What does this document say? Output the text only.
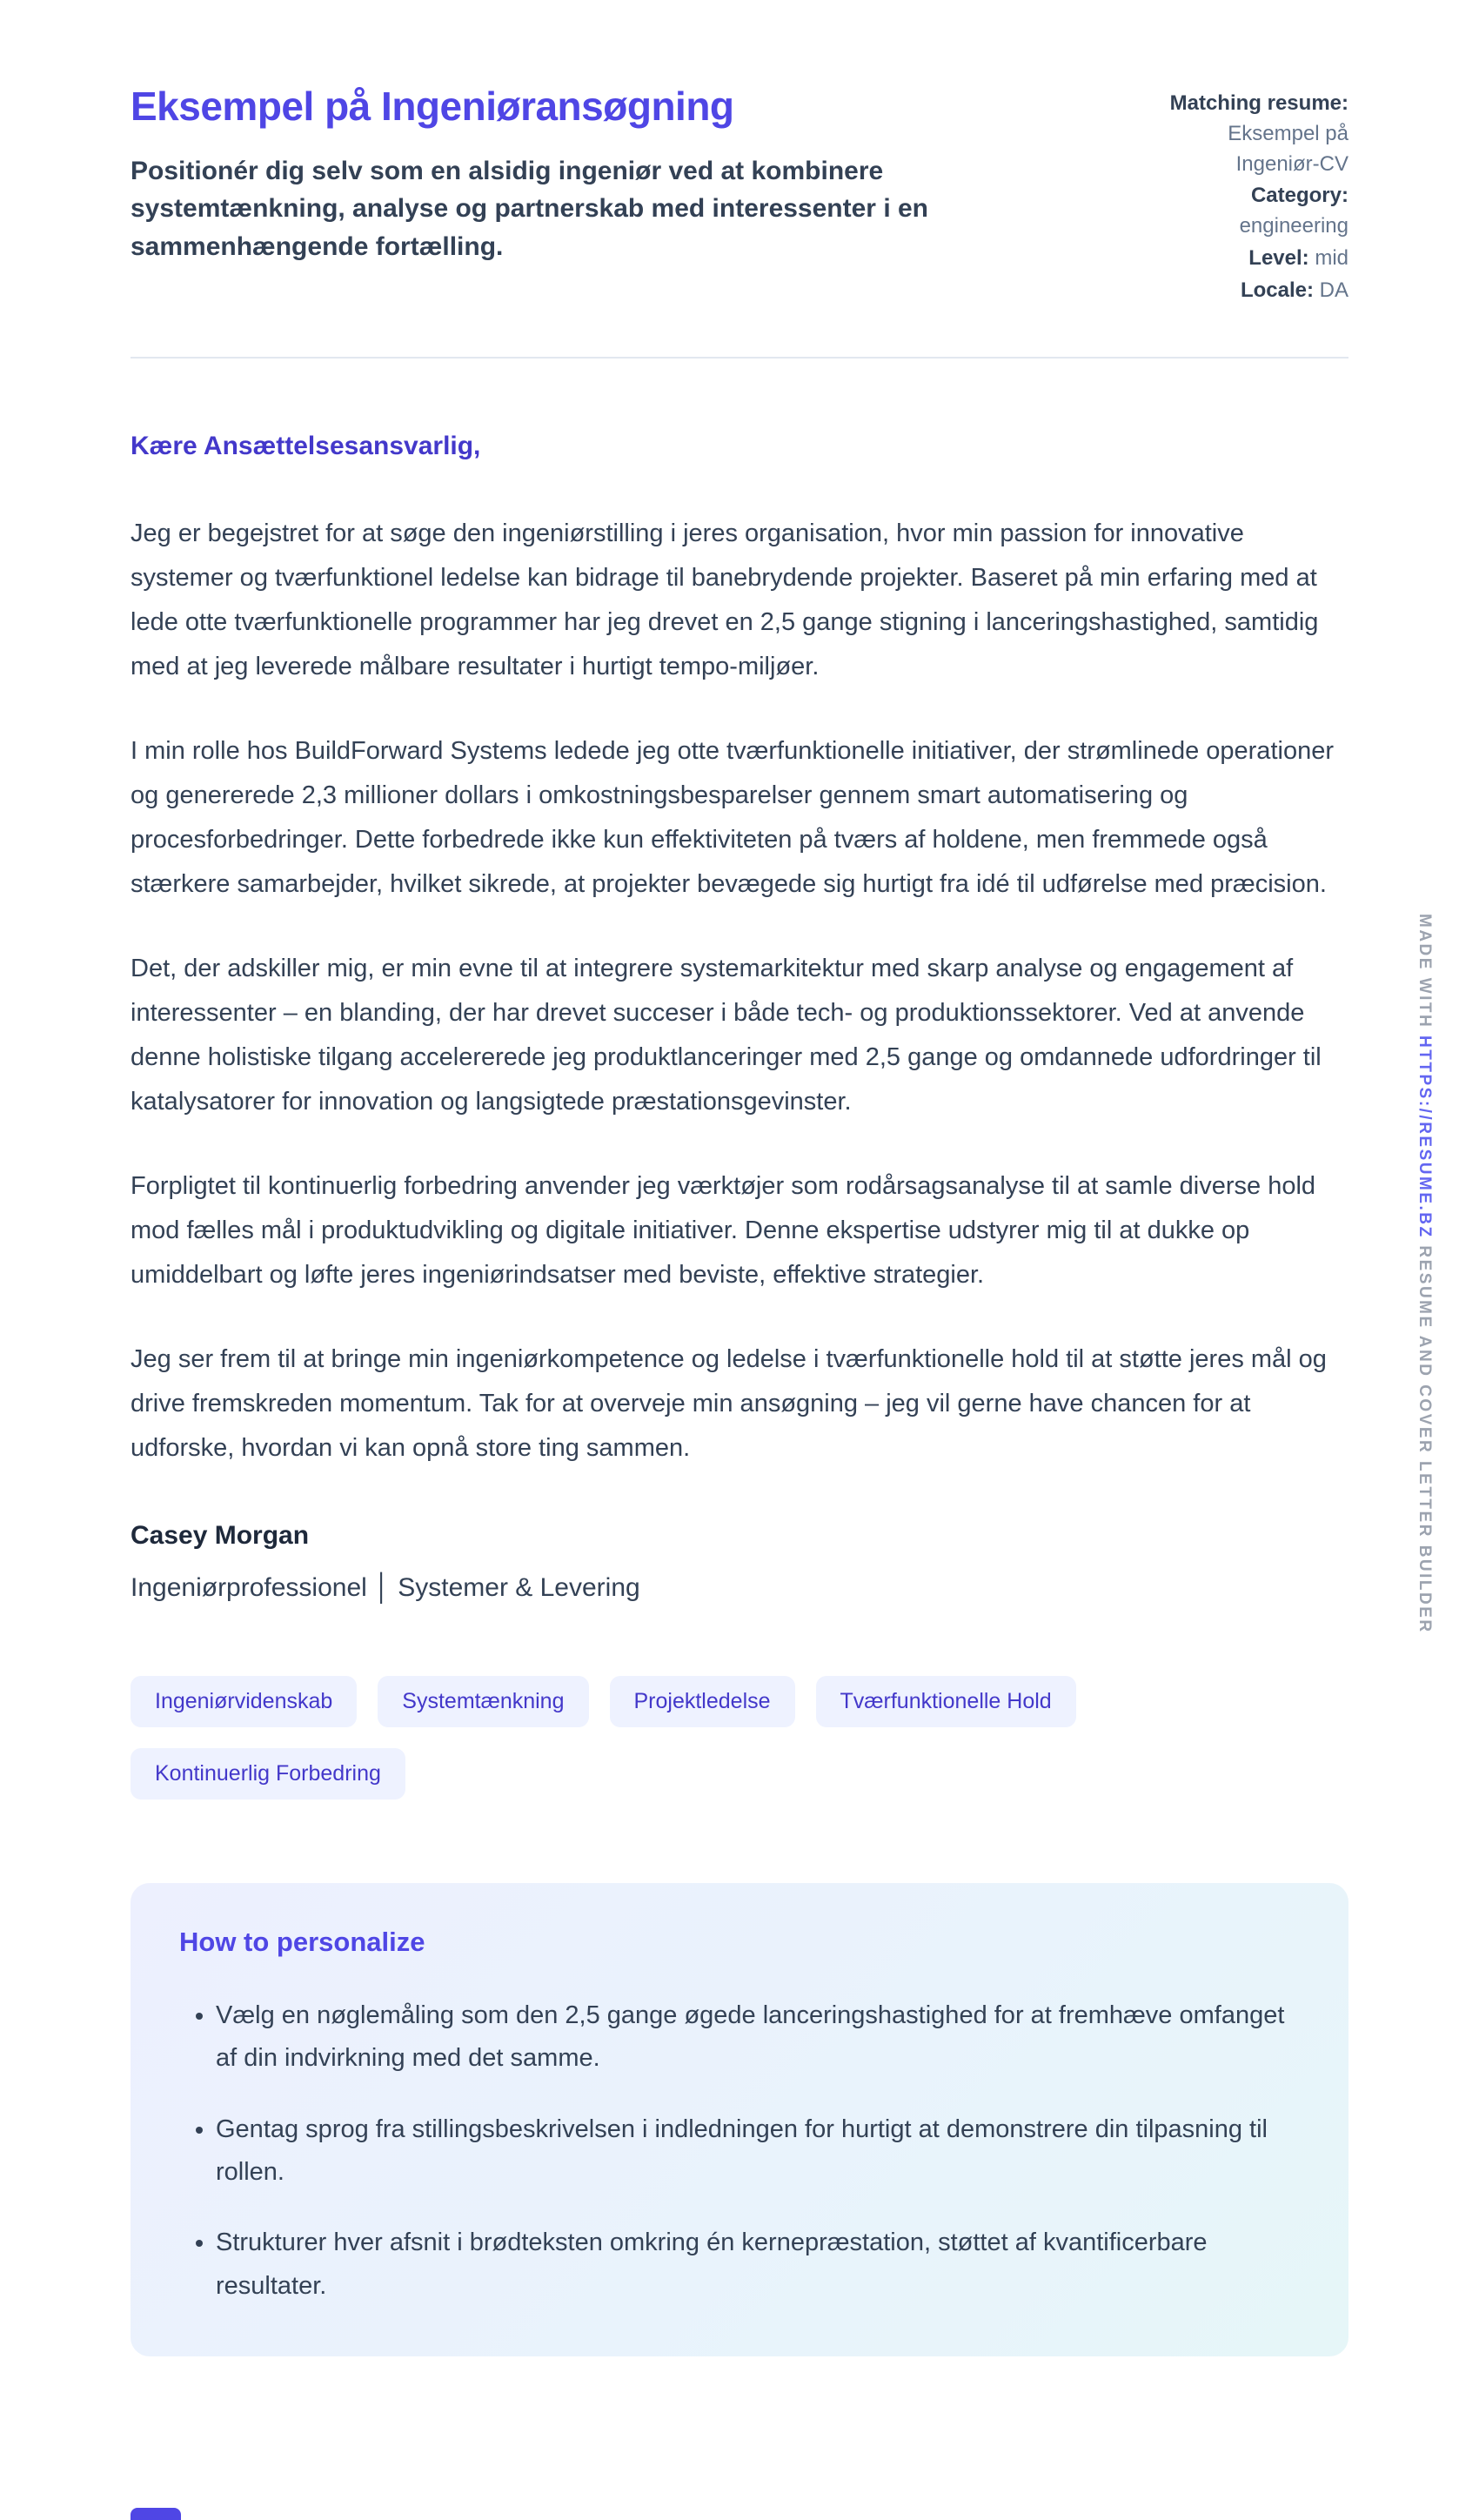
Eksempel på Ingeniøransøgning

Positionér dig selv som en alsidig ingeniør ved at kombinere systemtænkning, analyse og partnerskab med interessenter i en sammenhængende fortælling.

Matching resume: Eksempel på Ingeniør-CV
Category: engineering
Level: mid
Locale: DA

Kære Ansættelsesansvarlig,

Jeg er begejstret for at søge den ingeniørstilling i jeres organisation, hvor min passion for innovative systemer og tværfunktionel ledelse kan bidrage til banebrydende projekter. Baseret på min erfaring med at lede otte tværfunktionelle programmer har jeg drevet en 2,5 gange stigning i lanceringshastighed, samtidig med at jeg leverede målbare resultater i hurtigt tempo-miljøer.

I min rolle hos BuildForward Systems ledede jeg otte tværfunktionelle initiativer, der strømlinede operationer og genererede 2,3 millioner dollars i omkostningsbesparelser gennem smart automatisering og procesforbedringer. Dette forbedrede ikke kun effektiviteten på tværs af holdene, men fremmede også stærkere samarbejder, hvilket sikrede, at projekter bevægede sig hurtigt fra idé til udførelse med præcision.

Det, der adskiller mig, er min evne til at integrere systemarkitektur med skarp analyse og engagement af interessenter – en blanding, der har drevet succeser i både tech- og produktionssektorer. Ved at anvende denne holistiske tilgang accelererede jeg produktlanceringer med 2,5 gange og omdannede udfordringer til katalysatorer for innovation og langsigtede præstationsgevinster.

Forpligtet til kontinuerlig forbedring anvender jeg værktøjer som rodårsagsanalyse til at samle diverse hold mod fælles mål i produktudvikling og digitale initiativer. Denne ekspertise udstyrer mig til at dukke op umiddelbart og løfte jeres ingeniørindsatser med beviste, effektive strategier.

Jeg ser frem til at bringe min ingeniørkompetence og ledelse i tværfunktionelle hold til at støtte jeres mål og drive fremskreden momentum. Tak for at overveje min ansøgning – jeg vil gerne have chancen for at udforske, hvordan vi kan opnå store ting sammen.

Casey Morgan

Ingeniørprofessionel │ Systemer & Levering

Ingeniørvidenskab	Systemtænkning	Projektledelse	Tværfunktionelle Hold
Kontinuerlig Forbedring
How to personalize
• Vælg en nøglemåling som den 2,5 gange øgede lanceringshastighed for at fremhæve omfanget af din indvirkning med det samme.
• Gentag sprog fra stillingsbeskrivelsen i indledningen for hurtigt at demonstrere din tilpasning til rollen.
• Strukturer hver afsnit i brødteksten omkring én kernepræstation, støttet af kvantificerbare resultater.
MADE WITH HTTPS://RESUME.BZ RESUME AND COVER LETTER BUILDER
